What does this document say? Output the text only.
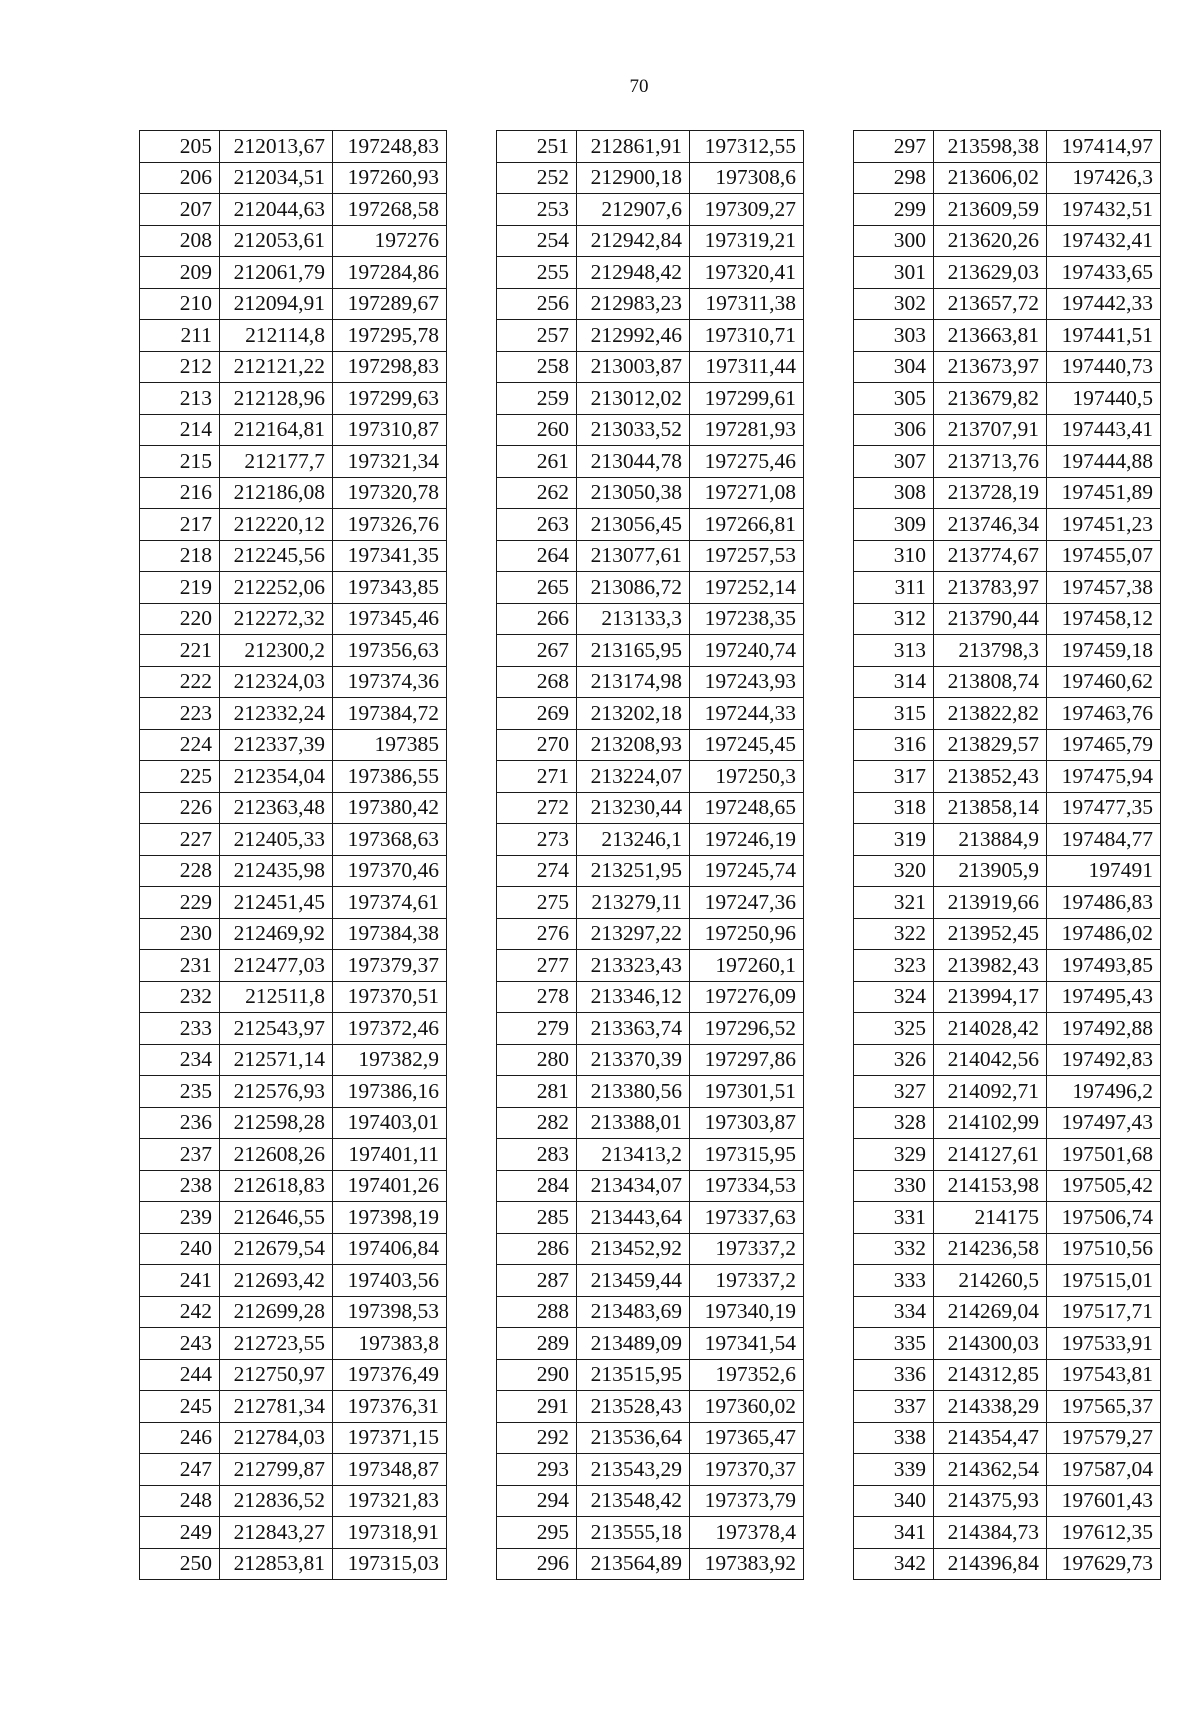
70
205	212013,67	197248,83
206	212034,51	197260,93
207	212044,63	197268,58
208	212053,61	197276
209	212061,79	197284,86
210	212094,91	197289,67
211	212114,8	197295,78
212	212121,22	197298,83
213	212128,96	197299,63
214	212164,81	197310,87
215	212177,7	197321,34
216	212186,08	197320,78
217	212220,12	197326,76
218	212245,56	197341,35
219	212252,06	197343,85
220	212272,32	197345,46
221	212300,2	197356,63
222	212324,03	197374,36
223	212332,24	197384,72
224	212337,39	197385
225	212354,04	197386,55
226	212363,48	197380,42
227	212405,33	197368,63
228	212435,98	197370,46
229	212451,45	197374,61
230	212469,92	197384,38
231	212477,03	197379,37
232	212511,8	197370,51
233	212543,97	197372,46
234	212571,14	197382,9
235	212576,93	197386,16
236	212598,28	197403,01
237	212608,26	197401,11
238	212618,83	197401,26
239	212646,55	197398,19
240	212679,54	197406,84
241	212693,42	197403,56
242	212699,28	197398,53
243	212723,55	197383,8
244	212750,97	197376,49
245	212781,34	197376,31
246	212784,03	197371,15
247	212799,87	197348,87
248	212836,52	197321,83
249	212843,27	197318,91
250	212853,81	197315,03
251	212861,91	197312,55
252	212900,18	197308,6
253	212907,6	197309,27
254	212942,84	197319,21
255	212948,42	197320,41
256	212983,23	197311,38
257	212992,46	197310,71
258	213003,87	197311,44
259	213012,02	197299,61
260	213033,52	197281,93
261	213044,78	197275,46
262	213050,38	197271,08
263	213056,45	197266,81
264	213077,61	197257,53
265	213086,72	197252,14
266	213133,3	197238,35
267	213165,95	197240,74
268	213174,98	197243,93
269	213202,18	197244,33
270	213208,93	197245,45
271	213224,07	197250,3
272	213230,44	197248,65
273	213246,1	197246,19
274	213251,95	197245,74
275	213279,11	197247,36
276	213297,22	197250,96
277	213323,43	197260,1
278	213346,12	197276,09
279	213363,74	197296,52
280	213370,39	197297,86
281	213380,56	197301,51
282	213388,01	197303,87
283	213413,2	197315,95
284	213434,07	197334,53
285	213443,64	197337,63
286	213452,92	197337,2
287	213459,44	197337,2
288	213483,69	197340,19
289	213489,09	197341,54
290	213515,95	197352,6
291	213528,43	197360,02
292	213536,64	197365,47
293	213543,29	197370,37
294	213548,42	197373,79
295	213555,18	197378,4
296	213564,89	197383,92
297	213598,38	197414,97
298	213606,02	197426,3
299	213609,59	197432,51
300	213620,26	197432,41
301	213629,03	197433,65
302	213657,72	197442,33
303	213663,81	197441,51
304	213673,97	197440,73
305	213679,82	197440,5
306	213707,91	197443,41
307	213713,76	197444,88
308	213728,19	197451,89
309	213746,34	197451,23
310	213774,67	197455,07
311	213783,97	197457,38
312	213790,44	197458,12
313	213798,3	197459,18
314	213808,74	197460,62
315	213822,82	197463,76
316	213829,57	197465,79
317	213852,43	197475,94
318	213858,14	197477,35
319	213884,9	197484,77
320	213905,9	197491
321	213919,66	197486,83
322	213952,45	197486,02
323	213982,43	197493,85
324	213994,17	197495,43
325	214028,42	197492,88
326	214042,56	197492,83
327	214092,71	197496,2
328	214102,99	197497,43
329	214127,61	197501,68
330	214153,98	197505,42
331	214175	197506,74
332	214236,58	197510,56
333	214260,5	197515,01
334	214269,04	197517,71
335	214300,03	197533,91
336	214312,85	197543,81
337	214338,29	197565,37
338	214354,47	197579,27
339	214362,54	197587,04
340	214375,93	197601,43
341	214384,73	197612,35
342	214396,84	197629,73
